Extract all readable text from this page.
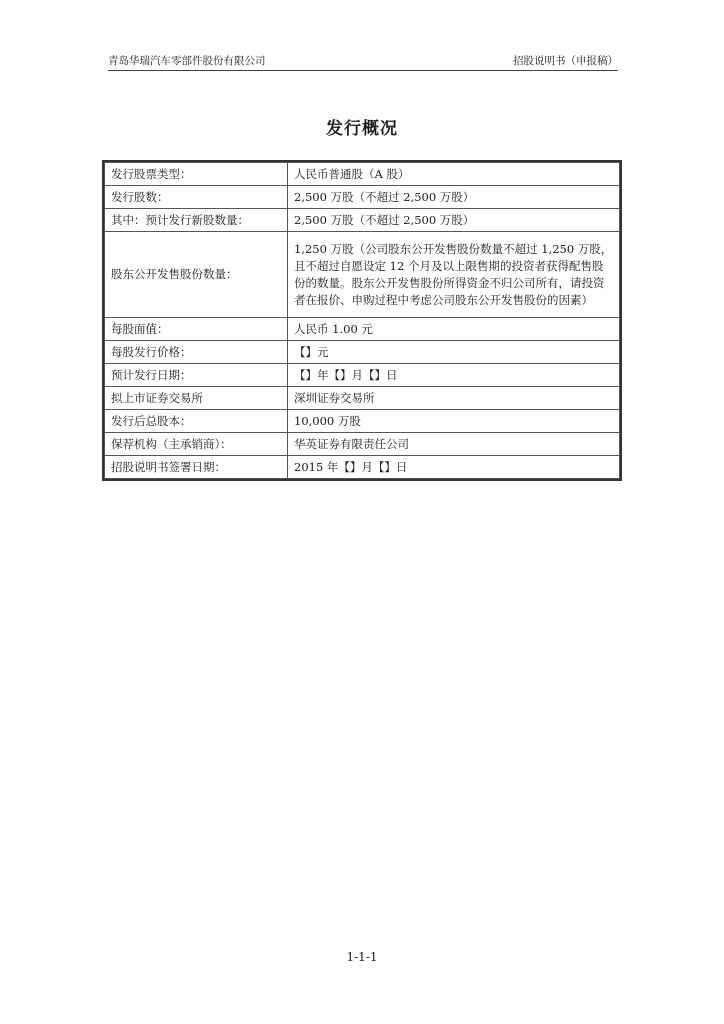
青岛华瑞汽车零部件股份有限公司	招股说明书（申报稿）
发行概况
发行股票类型：	人民币普通股（A 股）
发行股数：	2,500 万股（不超过 2,500 万股）
其中：预计发行新股数量：	2,500 万股（不超过 2,500 万股）
股东公开发售股份数量：	1,250 万股（公司股东公开发售股份数量不超过 1,250 万股，且不超过自愿设定 12 个月及以上限售期的投资者获得配售股份的数量。股东公开发售股份所得资金不归公司所有，请投资者在报价、申购过程中考虑公司股东公开发售股份的因素）
每股面值：	人民币 1.00 元
每股发行价格：	【】元
预计发行日期：	【】年【】月【】日
拟上市证券交易所	深圳证券交易所
发行后总股本：	10,000 万股
保荐机构（主承销商）：	华英证券有限责任公司
招股说明书签署日期：	2015 年【】月【】日
1-1-1
